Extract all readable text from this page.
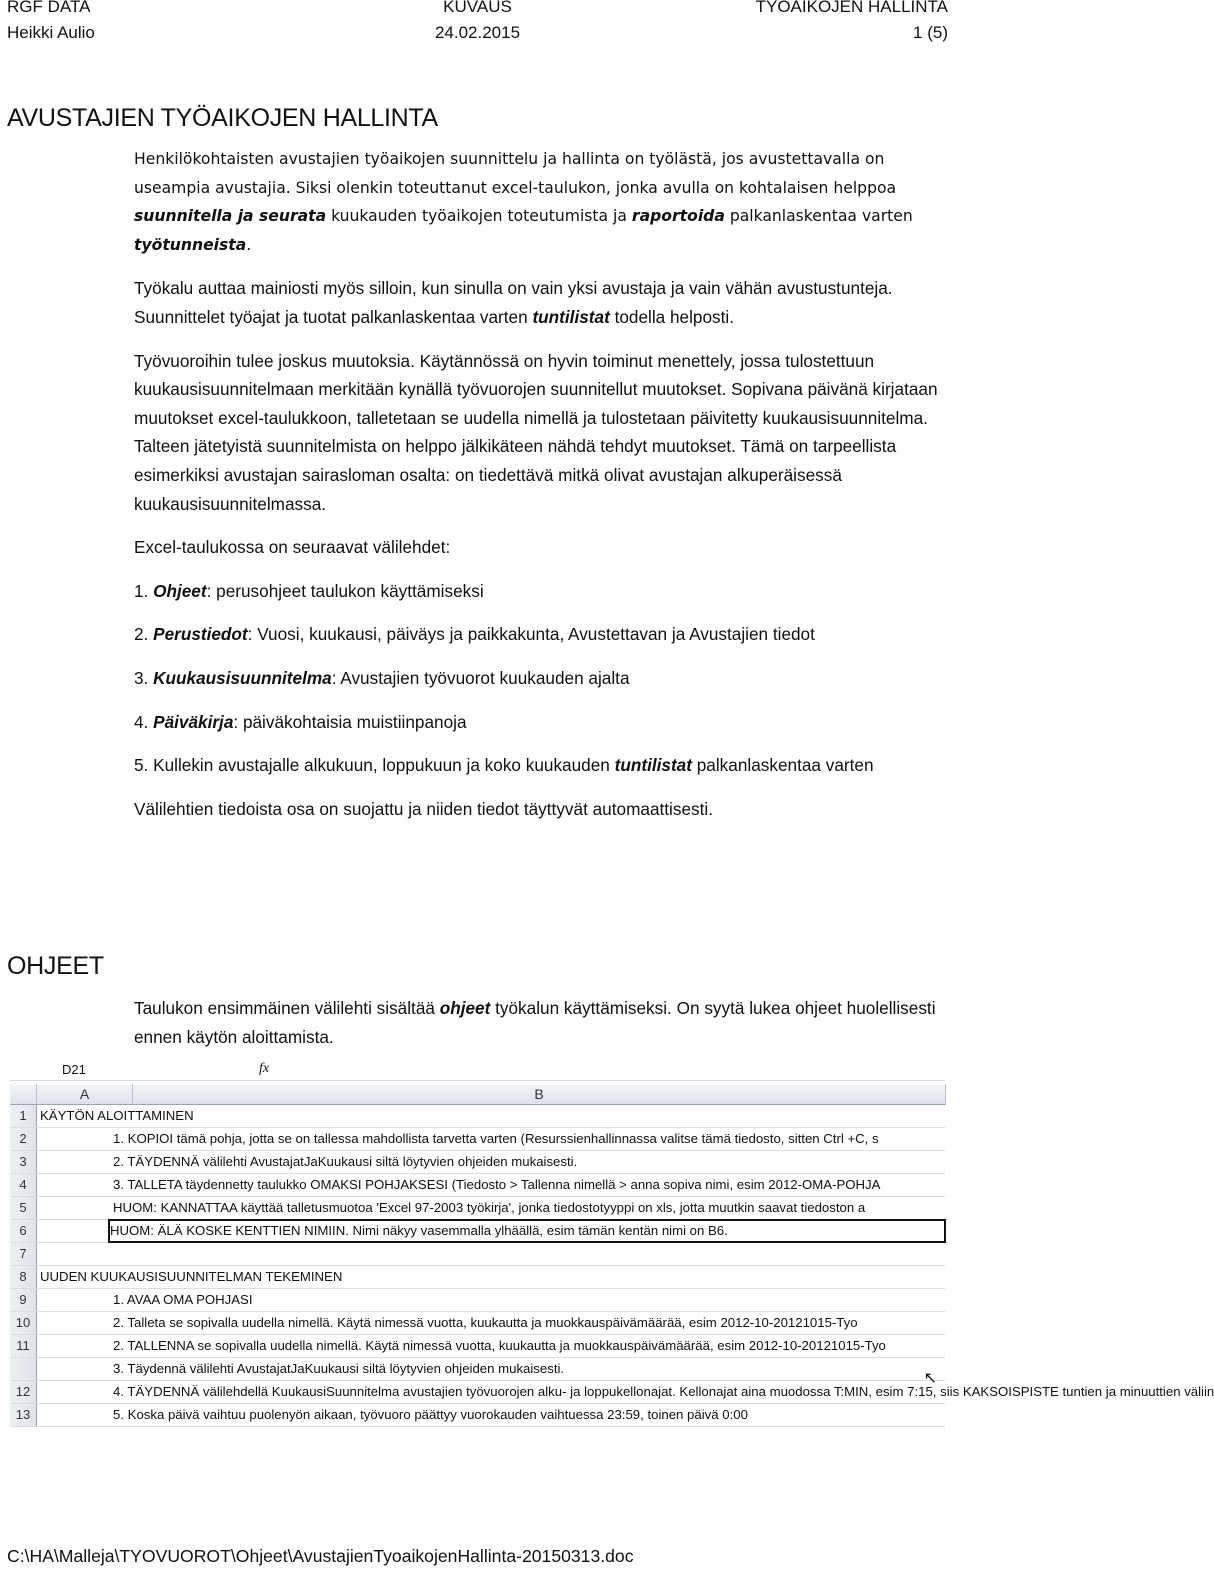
RGF DATA	KUVAUS	TYOAIKOJEN HALLINTA
Heikki Aulio	24.02.2015	1 (5)
AVUSTAJIEN TYÖAIKOJEN HALLINTA

Henkilökohtaisten avustajien työaikojen suunnittelu ja hallinta on työlästä, jos avustettavalla on useampia avustajia. Siksi olenkin toteuttanut excel-taulukon, jonka avulla on kohtalaisen helppoa suunnitella ja seurata kuukauden työaikojen toteutumista ja raportoida palkanlaskentaa varten työtunneista.

Työkalu auttaa mainiosti myös silloin, kun sinulla on vain yksi avustaja ja vain vähän avustustunteja. Suunnittelet työajat ja tuotat palkanlaskentaa varten tuntilistat todella helposti.

Työvuoroihin tulee joskus muutoksia. Käytännössä on hyvin toiminut menettely, jossa tulostettuun kuukausisuunnitelmaan merkitään kynällä työvuorojen suunnitellut muutokset. Sopivana päivänä kirjataan muutokset excel-taulukkoon, talletetaan se uudella nimellä ja tulostetaan päivitetty kuukausisuunnitelma. Talteen jätetyistä suunnitelmista on helppo jälkikäteen nähdä tehdyt muutokset. Tämä on tarpeellista esimerkiksi avustajan sairasloman osalta: on tiedettävä mitkä olivat avustajan alkuperäisessä kuukausisuunnitelmassa.

Excel-taulukossa on seuraavat välilehdet:

1. Ohjeet: perusohjeet taulukon käyttämiseksi

2. Perustiedot: Vuosi, kuukausi, päiväys ja paikkakunta, Avustettavan ja Avustajien tiedot

3. Kuukausisuunnitelma: Avustajien työvuorot kuukauden ajalta

4. Päiväkirja: päiväkohtaisia muistiinpanoja

5. Kullekin avustajalle alkukuun, loppukuun ja koko kuukauden tuntilistat palkanlaskentaa varten

Välilehtien tiedoista osa on suojattu ja niiden tiedot täyttyvät automaattisesti.

OHJEET

Taulukon ensimmäinen välilehti sisältää ohjeet työkalun käyttämiseksi. On syytä lukea ohjeet huolellisesti ennen käytön aloittamista.

D21	fx
A	B
1	KÄYTÖN ALOITTAMINEN
2	1. KOPIOI tämä pohja, jotta se on tallessa mahdollista tarvetta varten (Resurssienhallinnassa valitse tämä tiedosto, sitten Ctrl +C, s
3	2. TÄYDENNÄ välilehti AvustajatJaKuukausi siltä löytyvien ohjeiden mukaisesti.
4	3. TALLETA täydennetty taulukko OMAKSI POHJAKSESI (Tiedosto > Tallenna nimellä > anna sopiva nimi, esim 2012-OMA-POHJA
5	HUOM: KANNATTAA käyttää talletusmuotoa 'Excel 97-2003 työkirja', jonka tiedostotyyppi on xls, jotta muutkin saavat tiedoston a
6	HUOM: ÄLÄ KOSKE KENTTIEN NIMIIN. Nimi näkyy vasemmalla ylhäällä, esim tämän kentän nimi on B6.
7
8	UUDEN KUUKAUSISUUNNITELMAN TEKEMINEN
9	1. AVAA OMA POHJASI
10	2. Talleta se sopivalla uudella nimellä. Käytä nimessä vuotta, kuukautta ja muokkauspäivämäärää, esim 2012-10-20121015-Tyo
11	2. TALLENNA se sopivalla uudella nimellä. Käytä nimessä vuotta, kuukautta ja muokkauspäivämäärää, esim 2012-10-20121015-Tyo
3. Täydennä välilehti AvustajatJaKuukausi siltä löytyvien ohjeiden mukaisesti.
12	4. TÄYDENNÄ välilehdellä KuukausiSuunnitelma avustajien työvuorojen alku- ja loppukellonajat. Kellonajat aina muodossa T:MIN, esim 7:15, siis KAKSOISPISTE tuntien ja minuuttien väliin
13	5. Koska päivä vaihtuu puolenyön aikaan, työvuoro päättyy vuorokauden vaihtuessa 23:59, toinen päivä 0:00
↖
C:\HA\Malleja\TYOVUOROT\Ohjeet\AvustajienTyoaikojenHallinta-20150313.doc
